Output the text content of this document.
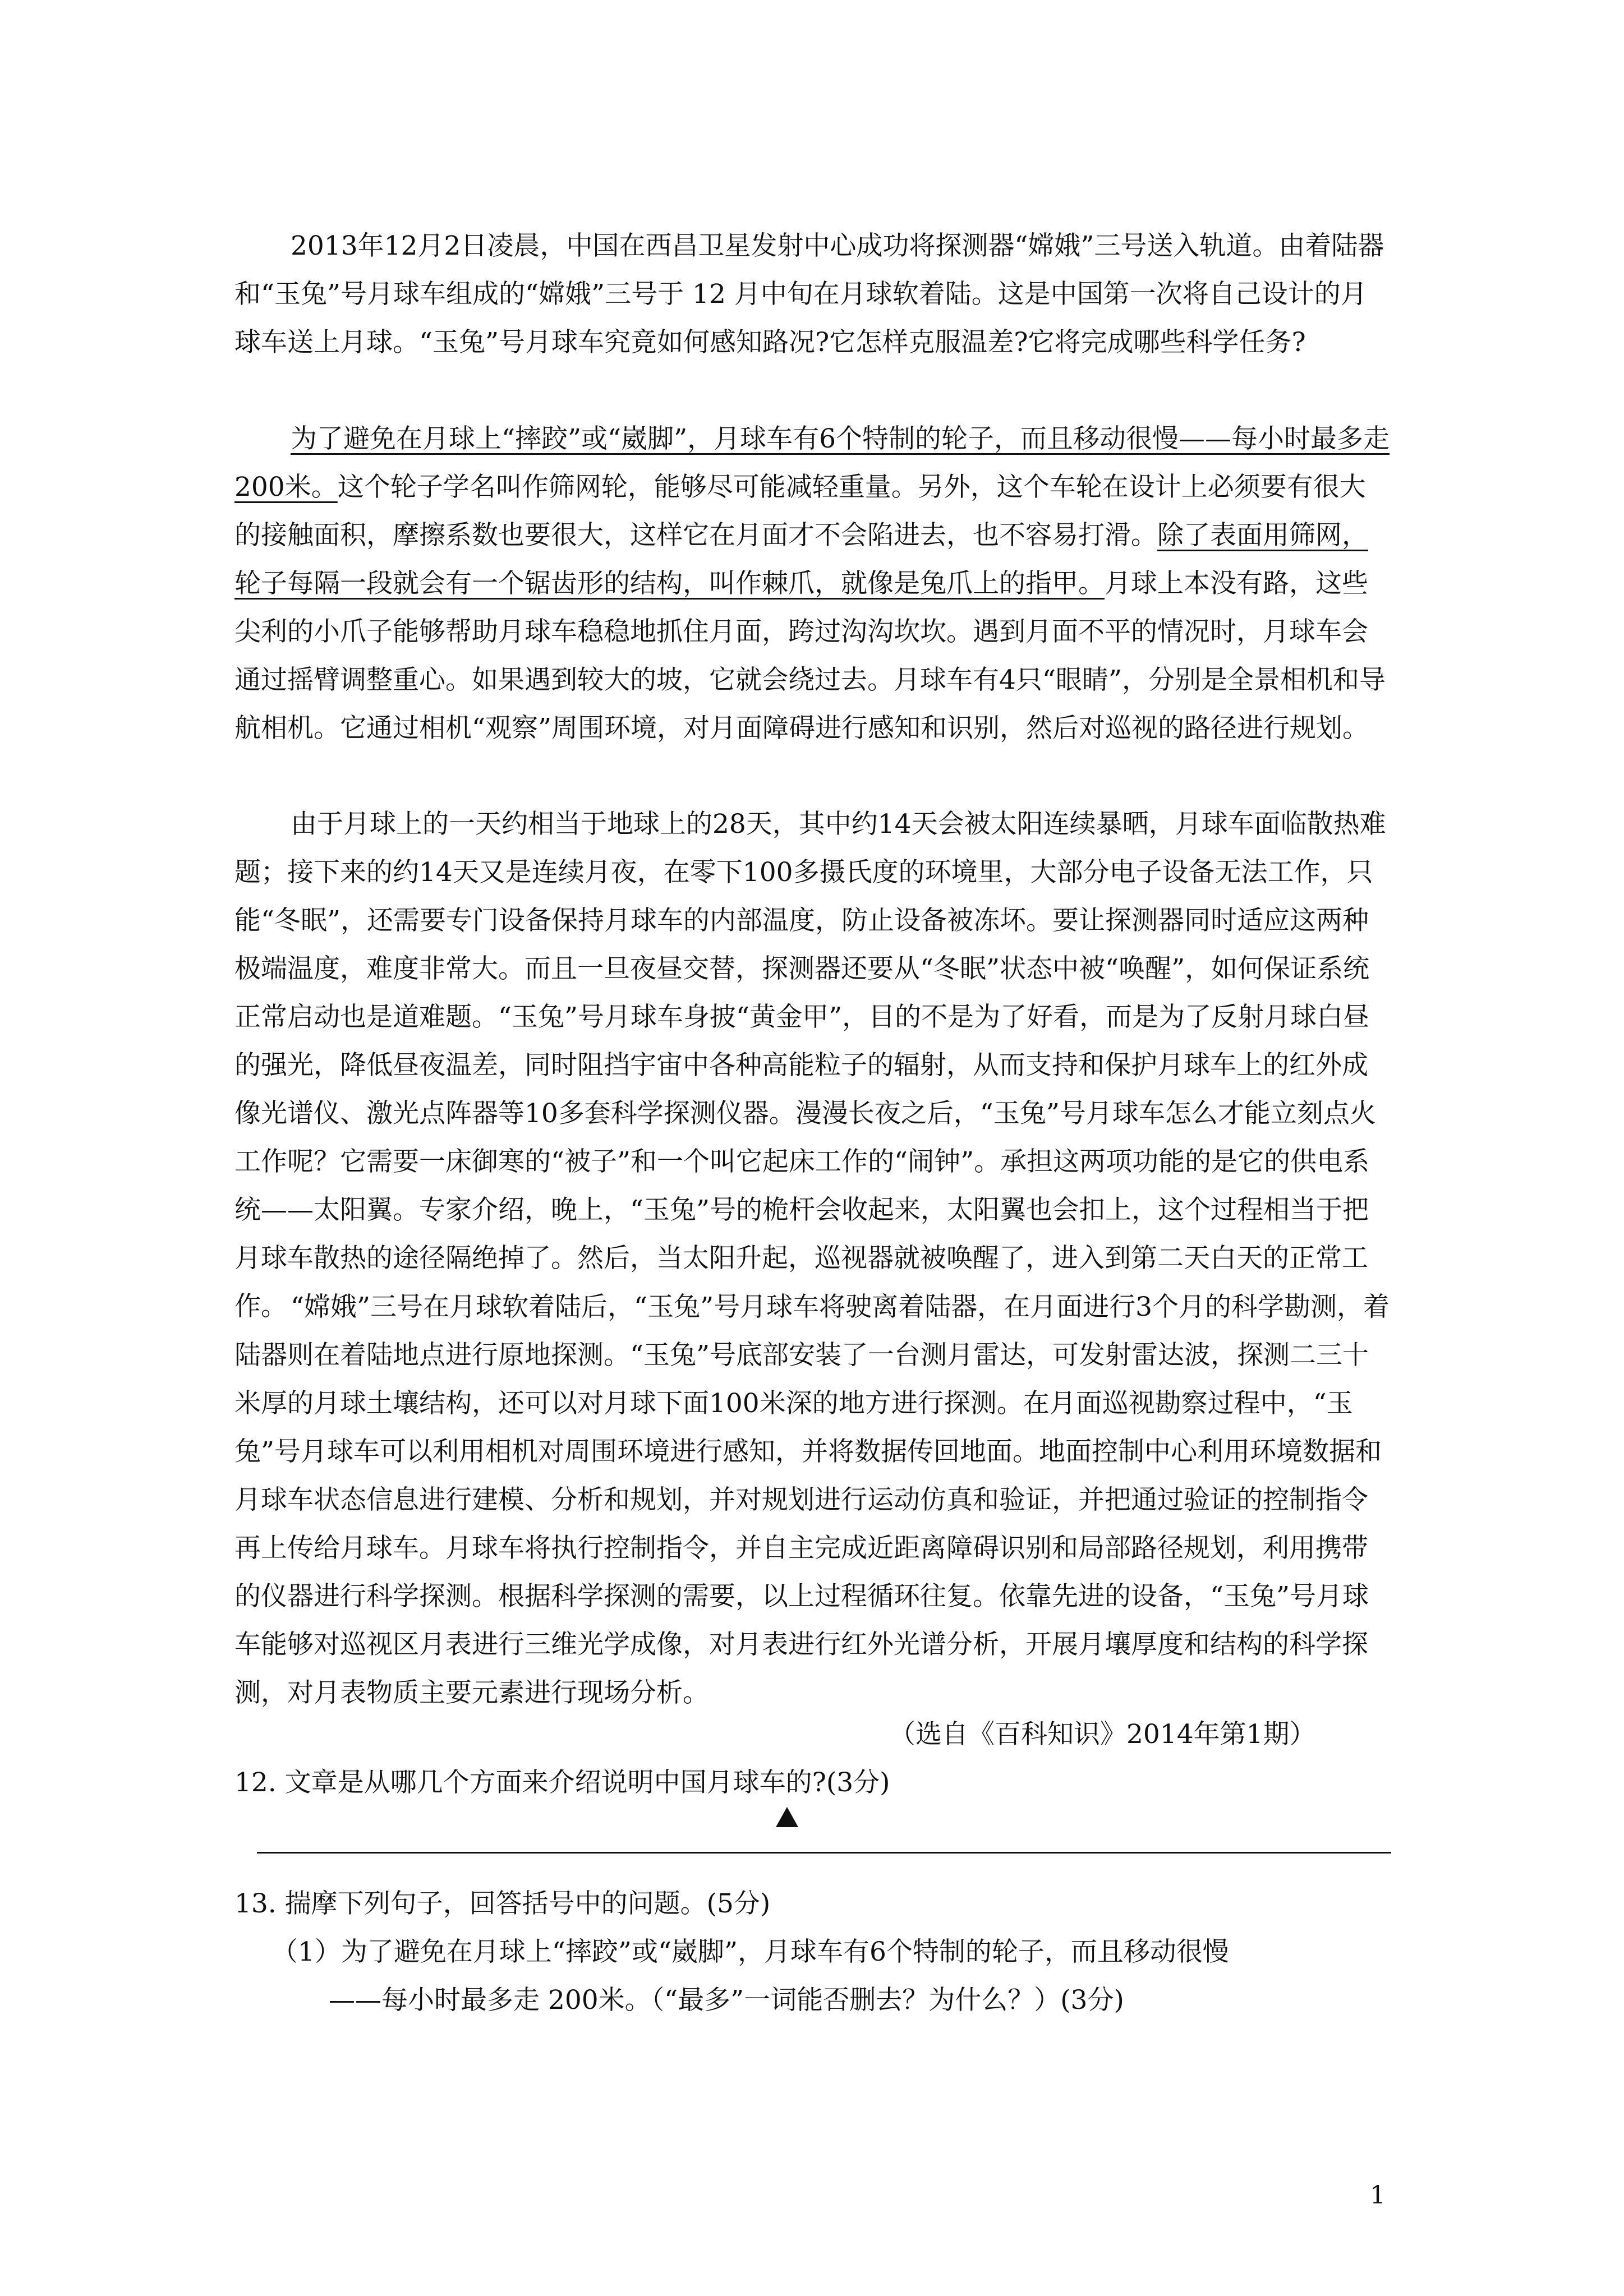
2013年12月2日凌晨，中国在西昌卫星发射中心成功将探测器“嫦娥”三号送入轨道。由着陆器和“玉兔”号月球车组成的“嫦娥”三号于 12 月中旬在月球软着陆。这是中国第一次将自己设计的月球车送上月球。“玉兔”号月球车究竟如何感知路况?它怎样克服温差?它将完成哪些科学任务?

为了避免在月球上“摔跤”或“崴脚”，月球车有6个特制的轮子，而且移动很慢——每小时最多走200米。这个轮子学名叫作筛网轮，能够尽可能减轻重量。另外，这个车轮在设计上必须要有很大的接触面积，摩擦系数也要很大，这样它在月面才不会陷进去，也不容易打滑。除了表面用筛网，轮子每隔一段就会有一个锯齿形的结构，叫作棘爪，就像是兔爪上的指甲。月球上本没有路，这些尖利的小爪子能够帮助月球车稳稳地抓住月面，跨过沟沟坎坎。遇到月面不平的情况时，月球车会通过摇臂调整重心。如果遇到较大的坡，它就会绕过去。月球车有4只“眼睛”，分别是全景相机和导航相机。它通过相机“观察”周围环境，对月面障碍进行感知和识别，然后对巡视的路径进行规划。

由于月球上的一天约相当于地球上的28天，其中约14天会被太阳连续暴晒，月球车面临散热难题；接下来的约14天又是连续月夜，在零下100多摄氏度的环境里，大部分电子设备无法工作，只能“冬眠”，还需要专门设备保持月球车的内部温度，防止设备被冻坏。要让探测器同时适应这两种极端温度，难度非常大。而且一旦夜昼交替，探测器还要从“冬眠”状态中被“唤醒”，如何保证系统正常启动也是道难题。“玉兔”号月球车身披“黄金甲”，目的不是为了好看，而是为了反射月球白昼的强光，降低昼夜温差，同时阻挡宇宙中各种高能粒子的辐射，从而支持和保护月球车上的红外成像光谱仪、激光点阵器等10多套科学探测仪器。漫漫长夜之后，“玉兔”号月球车怎么才能立刻点火工作呢？它需要一床御寒的“被子”和一个叫它起床工作的“闹钟”。承担这两项功能的是它的供电系统——太阳翼。专家介绍，晚上，“玉兔”号的桅杆会收起来，太阳翼也会扣上，这个过程相当于把月球车散热的途径隔绝掉了。然后，当太阳升起，巡视器就被唤醒了，进入到第二天白天的正常工作。 “嫦娥”三号在月球软着陆后，“玉兔”号月球车将驶离着陆器，在月面进行3个月的科学勘测，着陆器则在着陆地点进行原地探测。“玉兔”号底部安装了一台测月雷达，可发射雷达波，探测二三十米厚的月球土壤结构，还可以对月球下面100米深的地方进行探测。在月面巡视勘察过程中，“玉兔”号月球车可以利用相机对周围环境进行感知，并将数据传回地面。地面控制中心利用环境数据和月球车状态信息进行建模、分析和规划，并对规划进行运动仿真和验证，并把通过验证的控制指令再上传给月球车。月球车将执行控制指令，并自主完成近距离障碍识别和局部路径规划，利用携带的仪器进行科学探测。根据科学探测的需要，以上过程循环往复。依靠先进的设备，“玉兔”号月球车能够对巡视区月表进行三维光学成像，对月表进行红外光谱分析，开展月壤厚度和结构的科学探测，对月表物质主要元素进行现场分析。

（选自《百科知识》2014年第1期）
12. 文章是从哪几个方面来介绍说明中国月球车的?(3分)
13. 揣摩下列句子，回答括号中的问题。(5分)
（1）为了避免在月球上“摔跤”或“崴脚”，月球车有6个特制的轮子，而且移动很慢
——每小时最多走 200米。（“最多”一词能否删去？为什么？）(3分)
1
